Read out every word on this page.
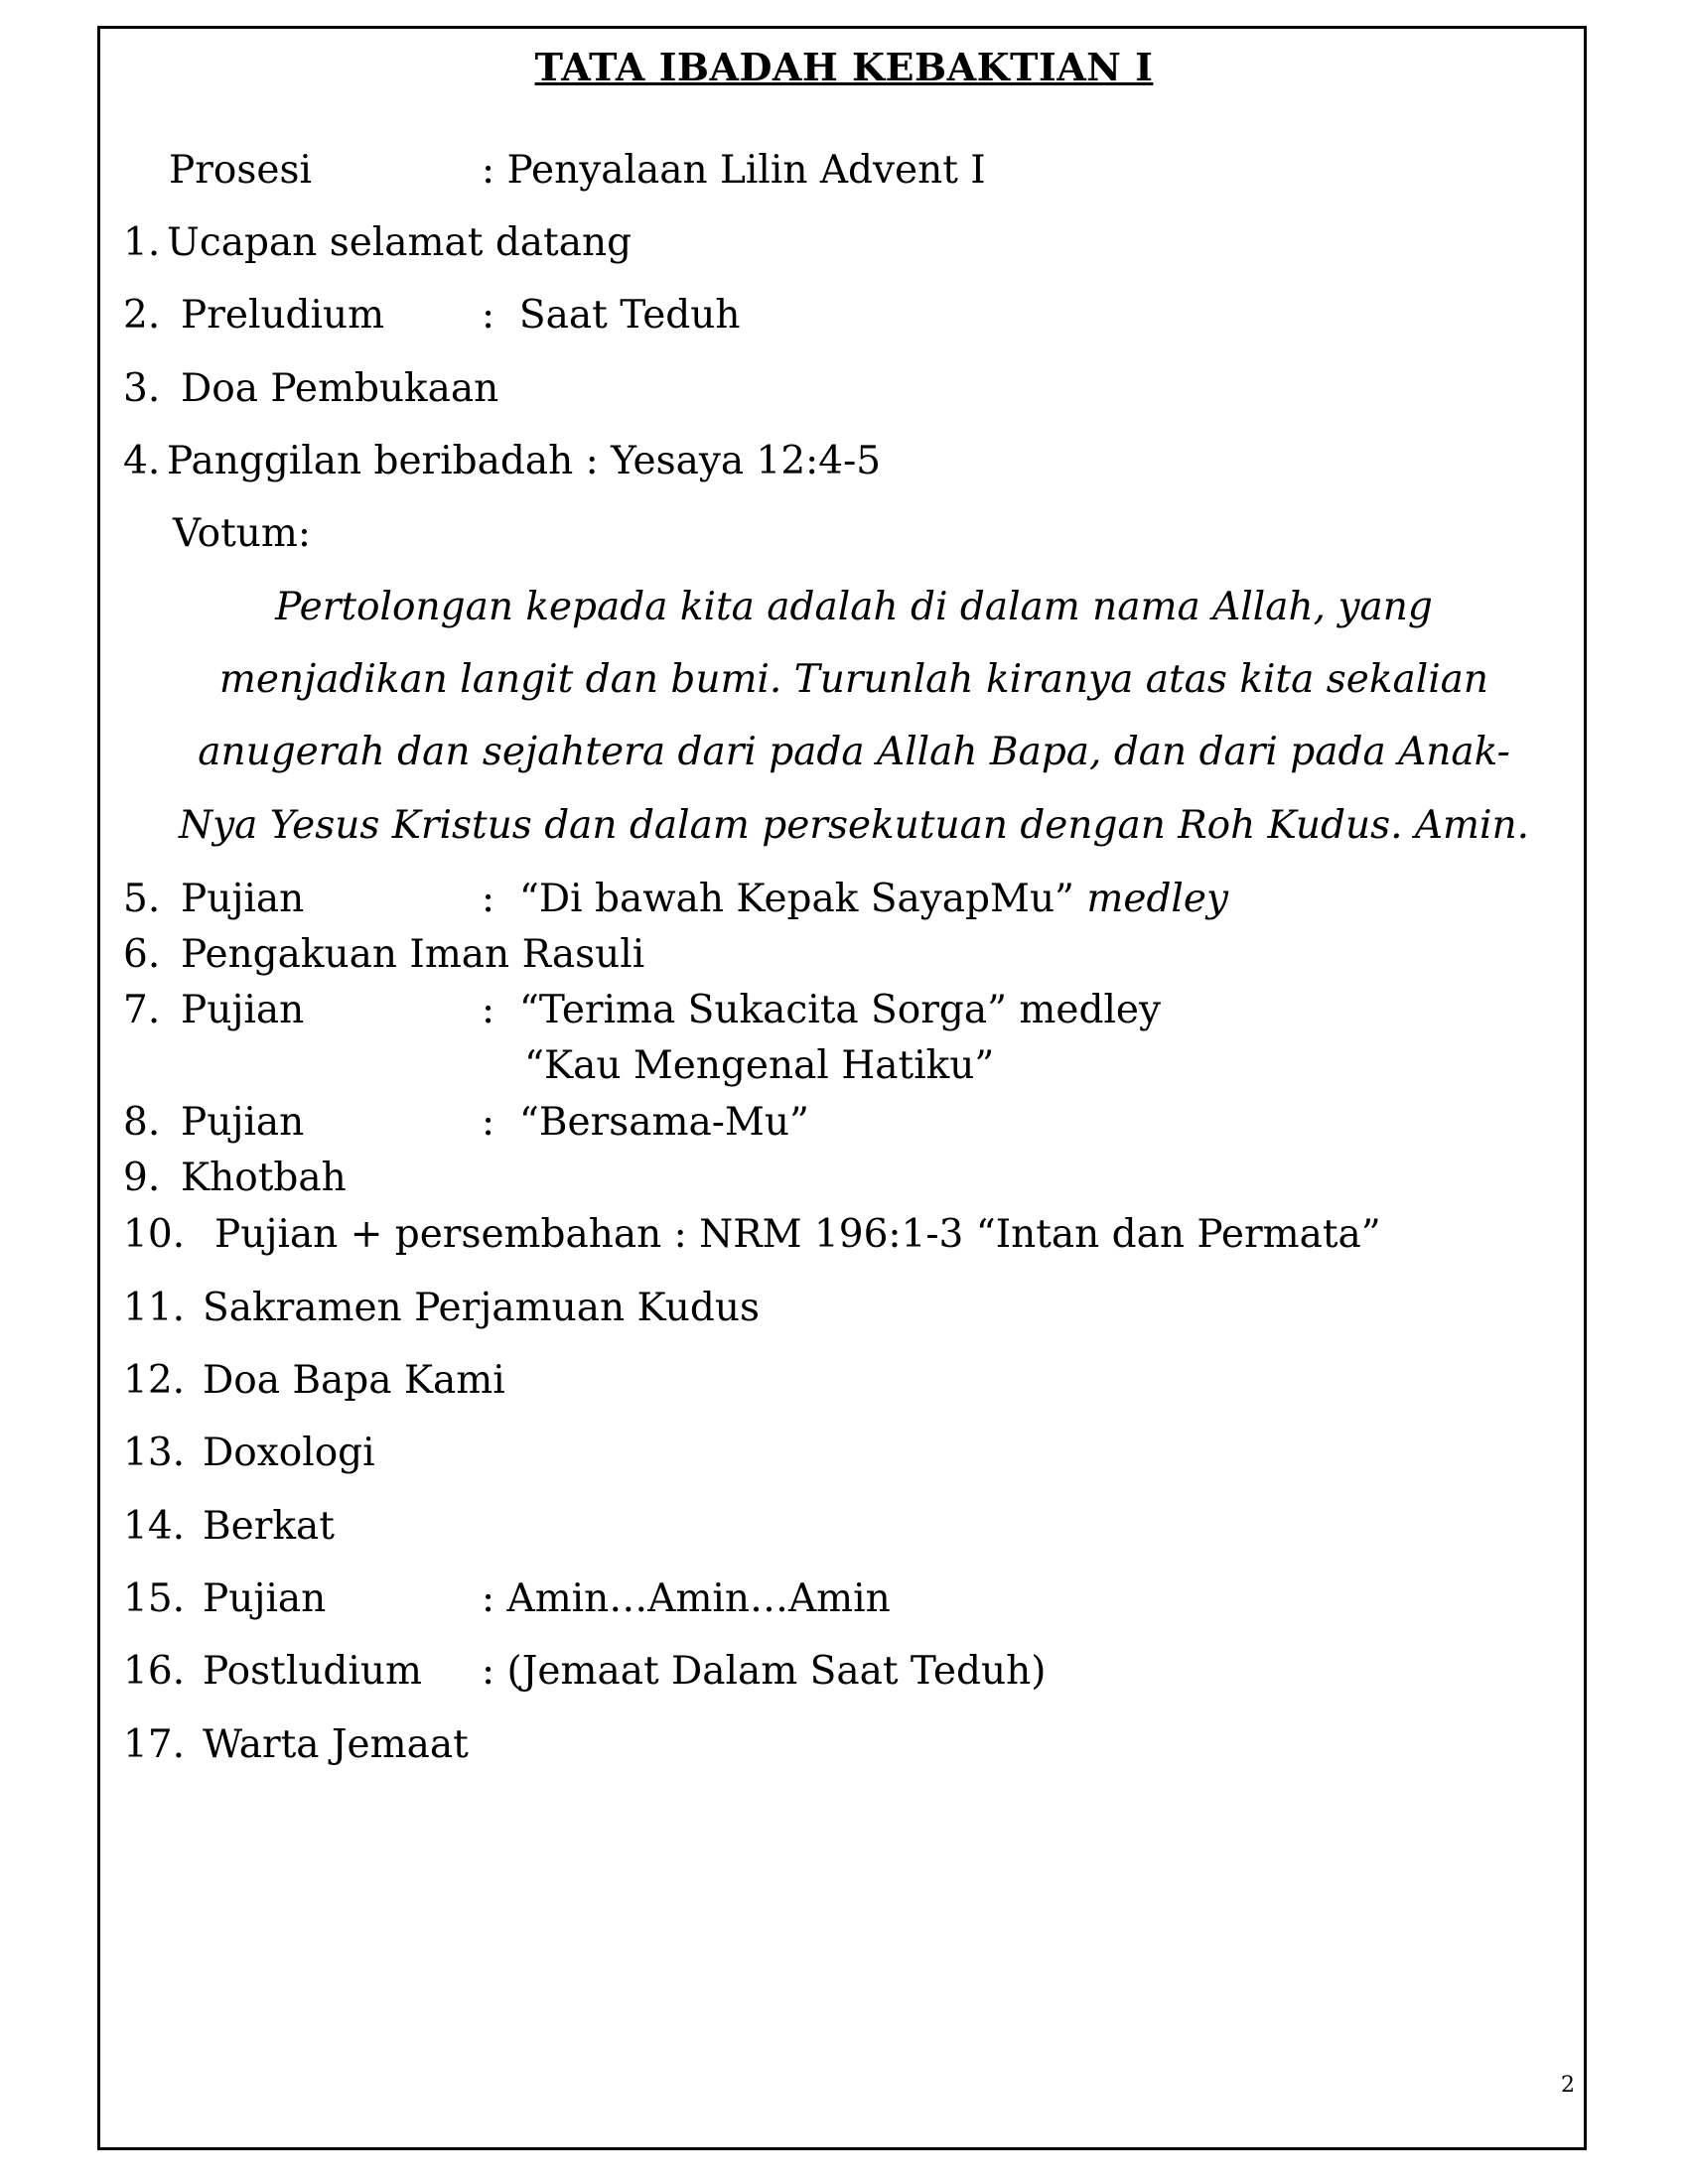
TATA IBADAH KEBAKTIAN I
Prosesi	: Penyalaan Lilin Advent I
1. Ucapan selamat datang
2. Preludium	:  Saat Teduh
3. Doa Pembukaan
4. Panggilan beribadah : Yesaya 12:4-5
Votum:
Pertolongan kepada kita adalah di dalam nama Allah, yang
menjadikan langit dan bumi. Turunlah kiranya atas kita sekalian
anugerah dan sejahtera dari pada Allah Bapa, dan dari pada Anak-
Nya Yesus Kristus dan dalam persekutuan dengan Roh Kudus. Amin.
5. Pujian	:  “Di bawah Kepak SayapMu” medley
6. Pengakuan Iman Rasuli
7. Pujian	:  “Terima Sukacita Sorga” medley
“Kau Mengenal Hatiku”
8. Pujian	:  “Bersama-Mu”
9. Khotbah
10. Pujian + persembahan : NRM 196:1-3 “Intan dan Permata”
11. Sakramen Perjamuan Kudus
12. Doa Bapa Kami
13. Doxologi
14. Berkat
15. Pujian	: Amin…Amin…Amin
16. Postludium : (Jemaat Dalam Saat Teduh)
17. Warta Jemaat
2
